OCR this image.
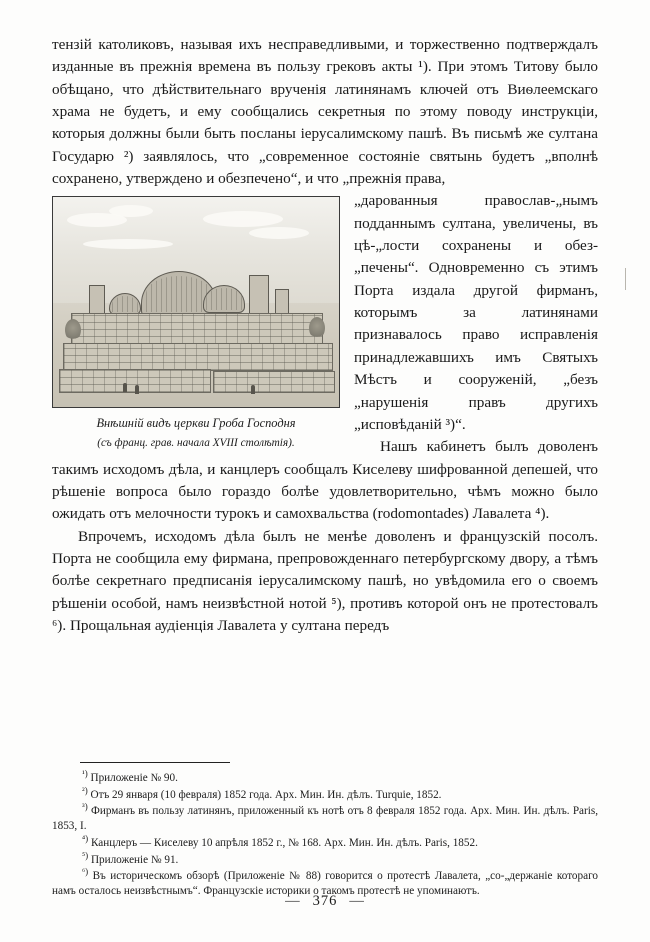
тензій католиковъ, называя ихъ несправедливыми, и торжественно подтверждалъ изданные въ прежнія времена въ пользу грековъ акты ¹). При этомъ Титову было обѣщано, что дѣйствительнаго врученія латинянамъ ключей отъ Виѳлеемскаго храма не будетъ, и ему сообщались секретныя по этому поводу инструкціи, которыя должны были быть посланы іерусалимскому пашѣ. Въ письмѣ же султана Государю ²) заявлялось, что „современное состояніе святынь будетъ „вполнѣ сохранено, утверждено и обезпечено“, и что „прежнія права,

Внѣшній видъ церкви Гроба Господня
(съ франц. грав. начала XVIII столѣтія).

„дарованныя православ-„нымъ подданнымъ султана, увеличены, въ цѣ-„лости сохранены и обез-„печены“. Одновременно съ этимъ Порта издала другой фирманъ, которымъ за латинянами признавалось право исправленія принадлежавшихъ имъ Святыхъ Мѣстъ и сооруженій, „безъ „нарушенія правъ другихъ „исповѣданій ³)“.

Нашъ кабинетъ былъ доволенъ такимъ исходомъ дѣла, и канцлеръ сообщалъ Киселеву шифрованной депешей, что рѣшеніе вопроса было гораздо болѣе удовлетворительно, чѣмъ можно было ожидать отъ мелочности турокъ и самохвальства (rodomontades) Лавалета ⁴).

Впрочемъ, исходомъ дѣла былъ не менѣе доволенъ и французскій посолъ. Порта не сообщила ему фирмана, препровожденнаго петербургскому двору, а тѣмъ болѣе секретнаго предписанія іерусалимскому пашѣ, но увѣдомила его о своемъ рѣшеніи особой, намъ неизвѣстной нотой ⁵), противъ которой онъ не протестовалъ ⁶). Прощальная аудіенція Лавалета у султана передъ

$^{^1)}$ Приложеніе № 90.

$^{^2)}$ Отъ 29 января (10 февраля) 1852 года. Арх. Мин. Ин. дѣлъ. Turquie, 1852.

$^{^3)}$ Фирманъ въ пользу латинянъ, приложенный къ нотѣ отъ 8 февраля 1852 года. Арх. Мин. Ин. дѣлъ. Paris, 1853, I.

$^{^4)}$ Канцлеръ — Киселеву 10 апрѣля 1852 г., № 168. Арх. Мин. Ин. дѣлъ. Paris, 1852.

$^{^5)}$ Приложеніе № 91.

$^{^6)}$ Въ историческомъ обзорѣ (Приложеніе № 88) говорится о протестѣ Лавалета, „со-„держаніе котораго намъ осталось неизвѣстнымъ“. Французскіе историки о такомъ протестѣ не упоминаютъ.

— 376 —
